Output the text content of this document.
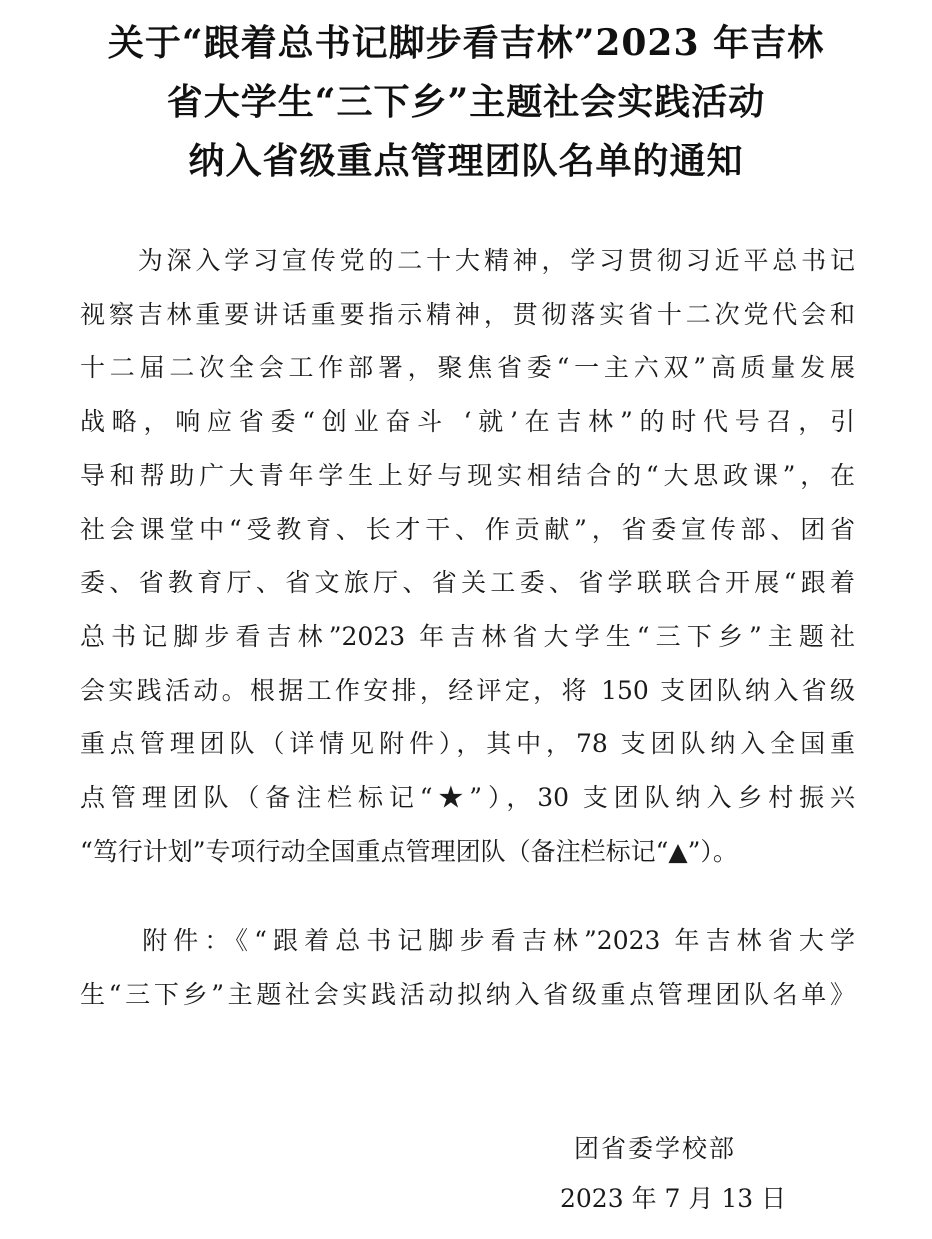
关于“跟着总书记脚步看吉林”2023 年吉林
省大学生“三下乡”主题社会实践活动
纳入省级重点管理团队名单的通知
　　为深入学习宣传党的二十大精神，学习贯彻习近平总书记
视察吉林重要讲话重要指示精神，贯彻落实省十二次党代会和
十二届二次全会工作部署，聚焦省委“一主六双”高质量发展
战略，响应省委“创业奋斗 ‘就’在吉林”的时代号召，引
导和帮助广大青年学生上好与现实相结合的“大思政课”，在
社会课堂中“受教育、长才干、作贡献”，省委宣传部、团省
委、省教育厅、省文旅厅、省关工委、省学联联合开展“跟着
总书记脚步看吉林”2023 年吉林省大学生“三下乡”主题社
会实践活动。根据工作安排，经评定，将 150 支团队纳入省级
重点管理团队（详情见附件），其中，78 支团队纳入全国重
点管理团队（备注栏标记“★”），30 支团队纳入乡村振兴
“笃行计划”专项行动全国重点管理团队（备注栏标记“▲”）。
　　附件：《“跟着总书记脚步看吉林”2023 年吉林省大学
生“三下乡”主题社会实践活动拟纳入省级重点管理团队名单》
团省委学校部
2023 年 7 月 13 日
